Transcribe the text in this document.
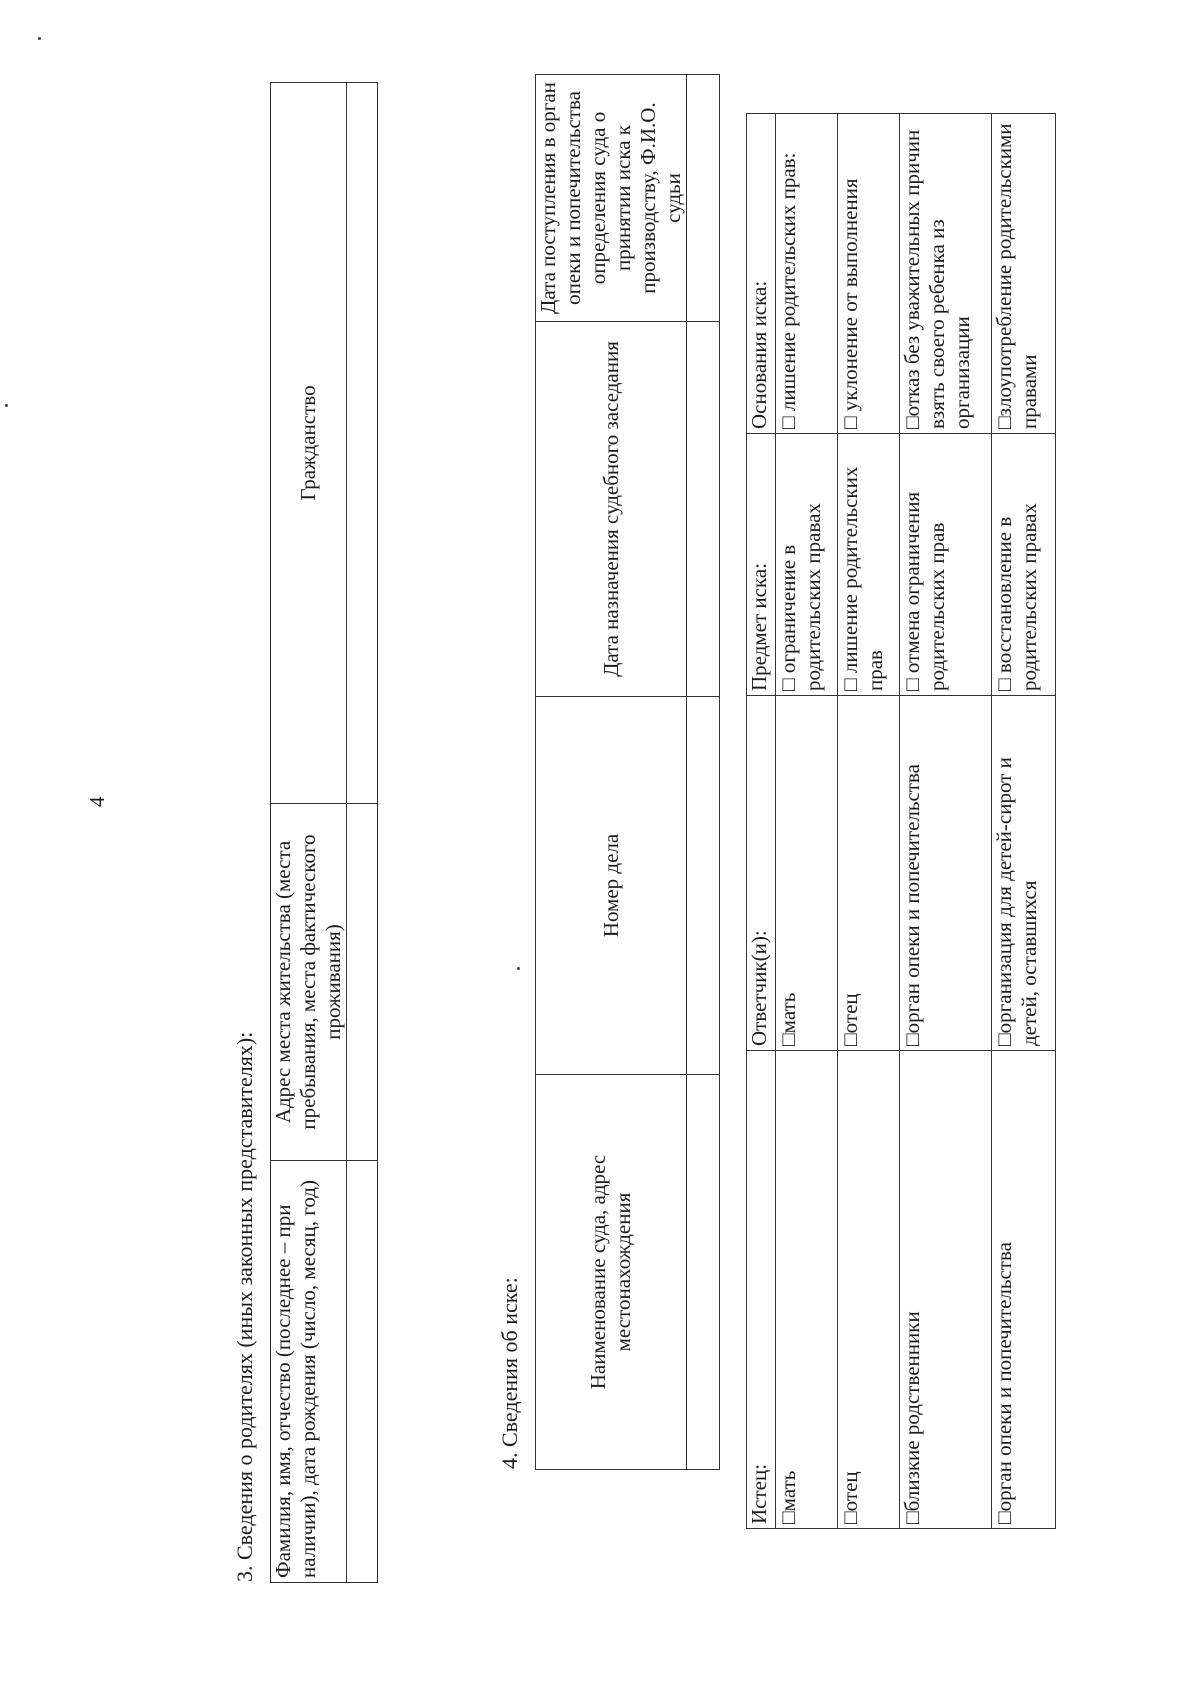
4
3. Сведения о родителях (иных законных представителях): Фамилия, имя, отчество (последнее – при наличии), дата рождения (число, месяц, год)	Адрес места жительства (места пребывания, места фактического проживания)	Гражданство

4. Сведения об иске:	Наименование суда, адрес местонахождения	Номер дела	Дата назначения судебного заседания	Дата поступления в орган опеки и попечительства определения суда о принятии иска к производству, Ф.И.О. судьи

Истец:	Ответчик(и):	Предмет иска:	Основания иска:
□мать	□мать	□ ограничение в родительских правах	□ лишение родительских прав:
□отец	□отец	□ лишение родительских прав	□ уклонение от выполнения
□близкие родственники	□орган опеки и попечительства	□ отмена ограничения родительских прав	□отказ без уважительных причин взять своего ребенка из организации
□орган опеки и попечительства	□организация для детей-сирот и детей, оставшихся	□ восстановление в родительских правах	□злоупотребление родительскими правами
